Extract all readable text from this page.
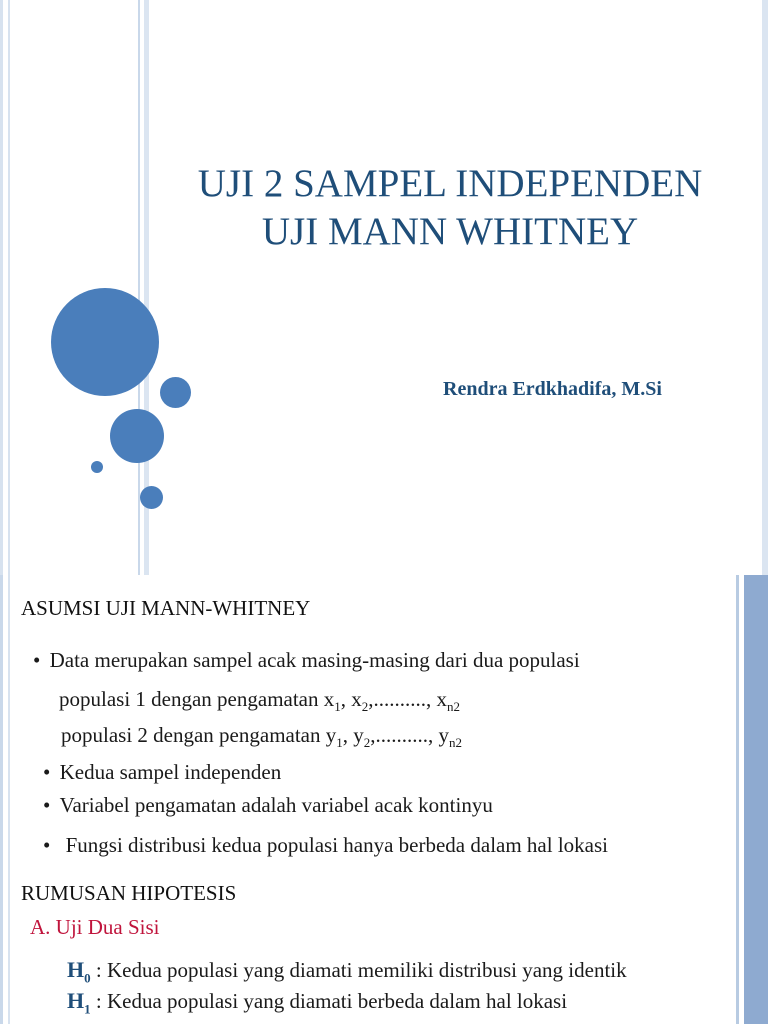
UJI 2 SAMPEL INDEPENDEN
UJI MANN WHITNEY
Rendra Erdkhadifa, M.Si
ASUMSI UJI MANN-WHITNEY
• Data merupakan sampel acak masing-masing dari dua populasi
populasi 1 dengan pengamatan $x_1$, $x_2$,.........., $x_{n2}$
populasi 2 dengan pengamatan $y_1$, $y_2$,.........., $y_{n2}$
• Kedua sampel independen
• Variabel pengamatan adalah variabel acak kontinyu
• Fungsi distribusi kedua populasi hanya berbeda dalam hal lokasi
RUMUSAN HIPOTESIS
A. Uji Dua Sisi
$H_0$ : Kedua populasi yang diamati memiliki distribusi yang identik
$H_1$ : Kedua populasi yang diamati berbeda dalam hal lokasi
